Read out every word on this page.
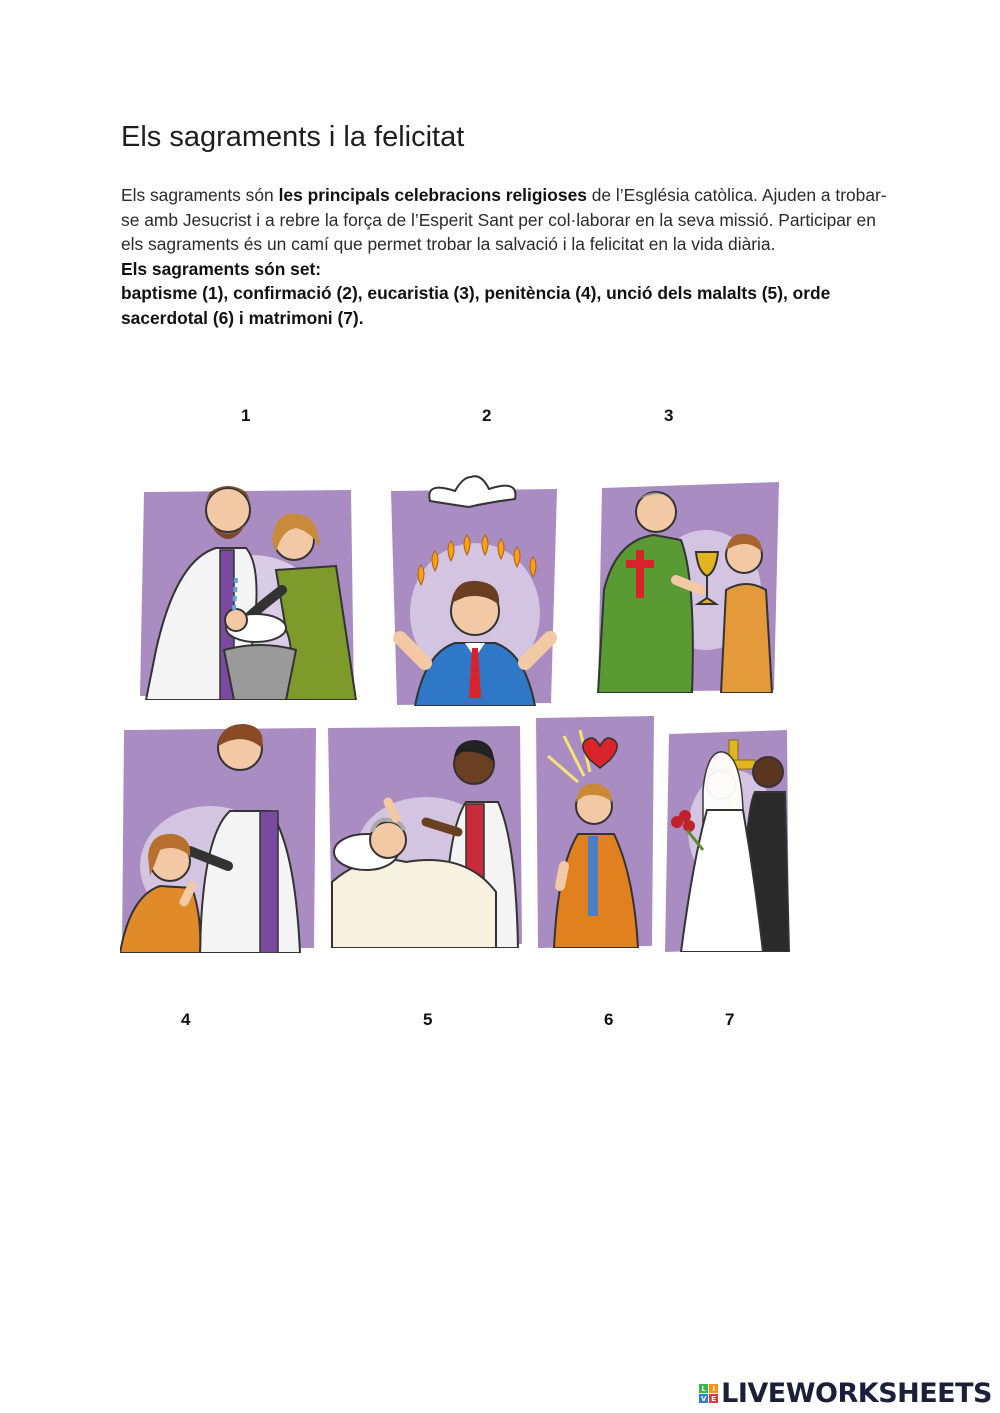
Els sagraments i la felicitat
Els sagraments són les principals celebracions religioses de l’Església catòlica. Ajuden a trobar-se amb Jesucrist i a rebre la força de l’Esperit Sant per col·laborar en la seva missió. Participar en els sagraments és un camí que permet trobar la salvació i la felicitat en la vida diària.
Els sagraments són set:
baptisme (1), confirmació (2), eucaristia (3), penitència (4), unció dels malalts (5), orde sacerdotal (6) i matrimoni (7).
1	2	3
4	5	6	7
L I
V E LIVEWORKSHEETS
